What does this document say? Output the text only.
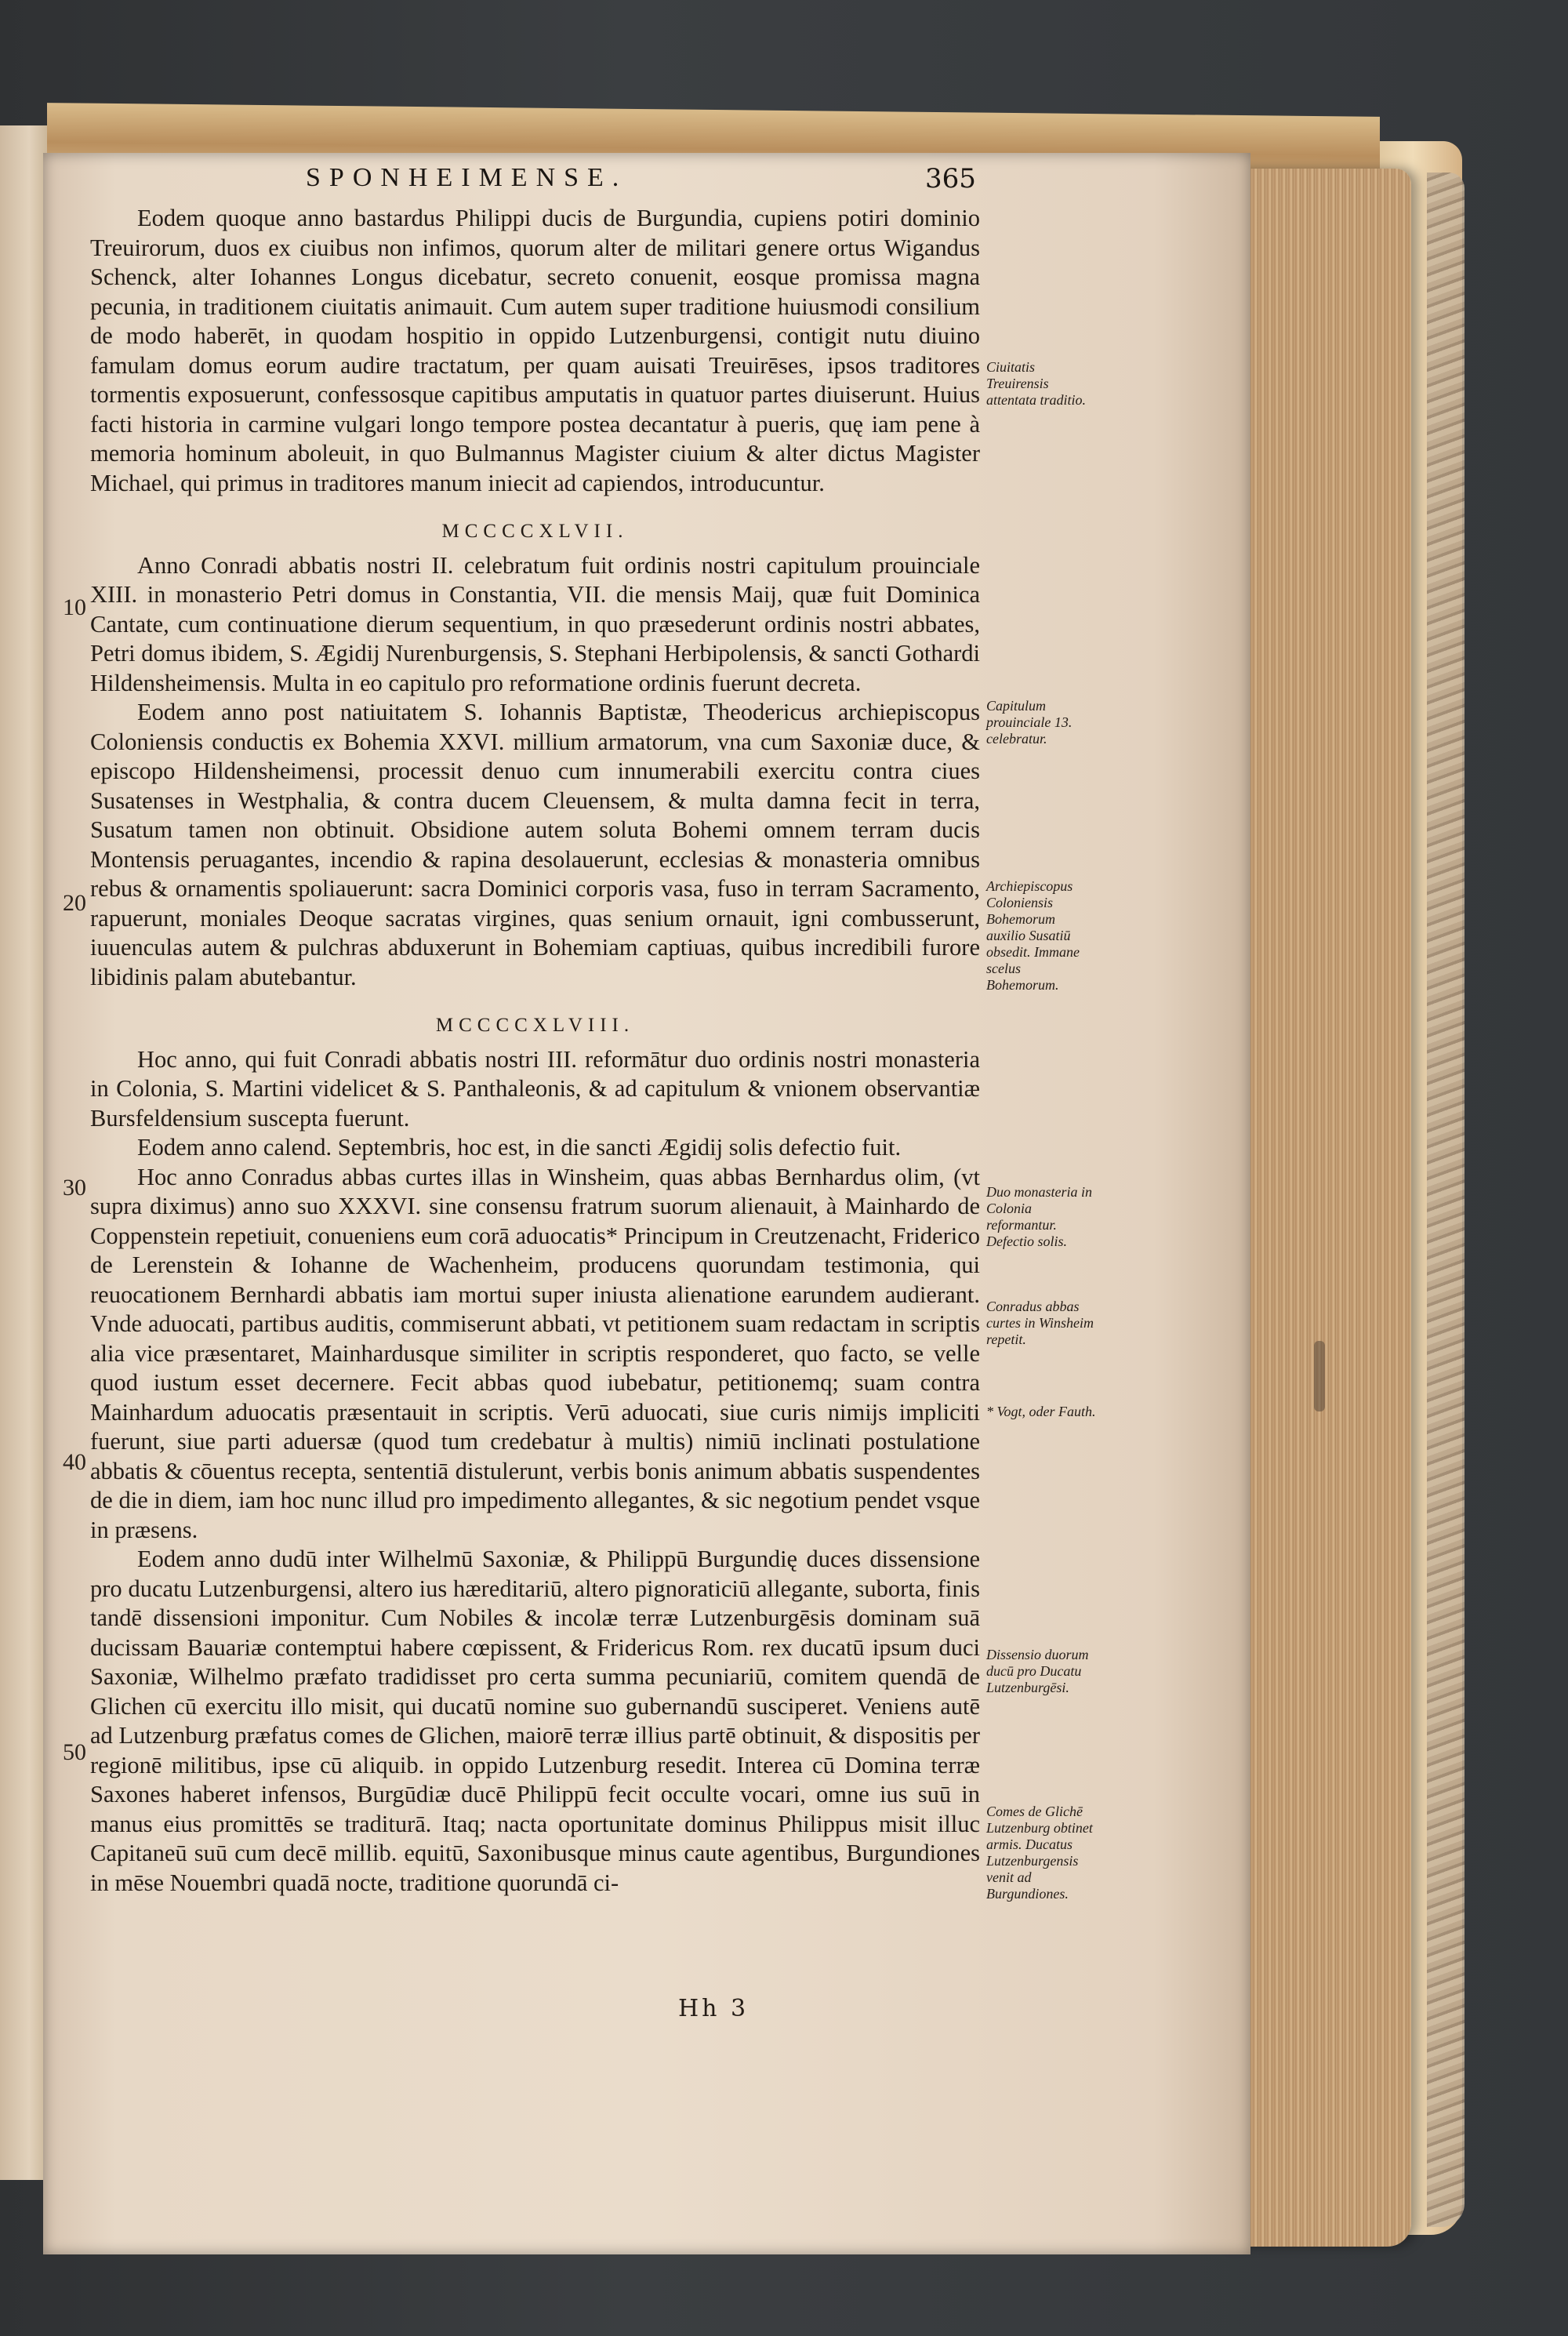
SPONHEIMENSE.	365
10
20
30
40
50

Eodem quoque anno bastardus Philippi ducis de Burgundia, cupiens potiri dominio Treuirorum, duos ex ciuibus non infimos, quorum alter de militari genere ortus Wigandus Schenck, alter Iohannes Longus dicebatur, secreto conuenit, eosque promissa magna pecunia, in traditionem ciuitatis animauit. Cum autem super traditione huiusmodi consilium de modo haberēt, in quodam hospitio in oppido Lutzenburgensi, contigit nutu diuino famulam domus eorum audire tractatum, per quam auisati Treuirēses, ipsos traditores tormentis exposuerunt, confessosque capitibus amputatis in quatuor partes diuiserunt. Huius facti historia in carmine vulgari longo tempore postea decantatur à pueris, quę iam pene à memoria hominum aboleuit, in quo Bulmannus Magister ciuium & alter dictus Magister Michael, qui primus in traditores manum iniecit ad capiendos, introducuntur.

MCCCCXLVII.

Anno Conradi abbatis nostri II. celebratum fuit ordinis nostri capitulum prouinciale XIII. in monasterio Petri domus in Constantia, VII. die mensis Maij, quæ fuit Dominica Cantate, cum continuatione dierum sequentium, in quo præsederunt ordinis nostri abbates, Petri domus ibidem, S. Ægidij Nurenburgensis, S. Stephani Herbipolensis, & sancti Gothardi Hildensheimensis. Multa in eo capitulo pro reformatione ordinis fuerunt decreta.

Eodem anno post natiuitatem S. Iohannis Baptistæ, Theodericus archiepiscopus Coloniensis conductis ex Bohemia XXVI. millium armatorum, vna cum Saxoniæ duce, & episcopo Hildensheimensi, processit denuo cum innumerabili exercitu contra ciues Susatenses in Westphalia, & contra ducem Cleuensem, & multa damna fecit in terra, Susatum tamen non obtinuit. Obsidione autem soluta Bohemi omnem terram ducis Montensis peruagantes, incendio & rapina desolauerunt, ecclesias & monasteria omnibus rebus & ornamentis spoliauerunt: sacra Dominici corporis vasa, fuso in terram Sacramento, rapuerunt, moniales Deoque sacratas virgines, quas senium ornauit, igni combusserunt, iuuenculas autem & pulchras abduxerunt in Bohemiam captiuas, quibus incredibili furore libidinis palam abutebantur.

MCCCCXLVIII.

Hoc anno, qui fuit Conradi abbatis nostri III. reformātur duo ordinis nostri monasteria in Colonia, S. Martini videlicet & S. Panthaleonis, & ad capitulum & vnionem observantiæ Bursfeldensium suscepta fuerunt.

Eodem anno calend. Septembris, hoc est, in die sancti Ægidij solis defectio fuit.

Hoc anno Conradus abbas curtes illas in Winsheim, quas abbas Bernhardus olim, (vt supra diximus) anno suo XXXVI. sine consensu fratrum suorum alienauit, à Mainhardo de Coppenstein repetiuit, conueniens eum corā aduocatis* Principum in Creutzenacht, Friderico de Lerenstein & Iohanne de Wachenheim, producens quorundam testimonia, qui reuocationem Bernhardi abbatis iam mortui super iniusta alienatione earundem audierant. Vnde aduocati, partibus auditis, commiserunt abbati, vt petitionem suam redactam in scriptis alia vice præsentaret, Mainhardusque similiter in scriptis responderet, quo facto, se velle quod iustum esset decernere. Fecit abbas quod iubebatur, petitionemq; suam contra Mainhardum aduocatis præsentauit in scriptis. Verū aduocati, siue curis nimijs impliciti fuerunt, siue parti aduersæ (quod tum credebatur à multis) nimiū inclinati postulatione abbatis & cōuentus recepta, sententiā distulerunt, verbis bonis animum abbatis suspendentes de die in diem, iam hoc nunc illud pro impedimento allegantes, & sic negotium pendet vsque in præsens.

Eodem anno dudū inter Wilhelmū Saxoniæ, & Philippū Burgundię duces dissensione pro ducatu Lutzenburgensi, altero ius hæreditariū, altero pignoraticiū allegante, suborta, finis tandē dissensioni imponitur. Cum Nobiles & incolæ terræ Lutzenburgēsis dominam suā ducissam Bauariæ contemptui habere cœpissent, & Fridericus Rom. rex ducatū ipsum duci Saxoniæ, Wilhelmo præfato tradidisset pro certa summa pecuniariū, comitem quendā de Glichen cū exercitu illo misit, qui ducatū nomine suo gubernandū susciperet. Veniens autē ad Lutzenburg præfatus comes de Glichen, maiorē terræ illius partē obtinuit, & dispositis per regionē militibus, ipse cū aliquib. in oppido Lutzenburg resedit. Interea cū Domina terræ Saxones haberet infensos, Burgūdiæ ducē Philippū fecit occulte vocari, omne ius suū in manus eius promittēs se traditurā. Itaq; nacta oportunitate dominus Philippus misit illuc Capitaneū suū cum decē millib. equitū, Saxonibusque minus caute agentibus, Burgundiones in mēse Nouembri quadā nocte, traditione quorundā ci-

Ciuitatis Treuirensis attentata traditio.
Capitulum prouinciale 13. celebratur.
Archiepiscopus Coloniensis Bohemorum auxilio Susatiū obsedit. Immane scelus Bohemorum.
Duo monasteria in Colonia reformantur. Defectio solis.
Conradus abbas curtes in Winsheim repetit.
* Vogt, oder Fauth.
Dissensio duorum ducū pro Ducatu Lutzenburgēsi.
Comes de Glichē Lutzenburg obtinet armis. Ducatus Lutzenburgensis venit ad Burgundiones.
Hh 3
